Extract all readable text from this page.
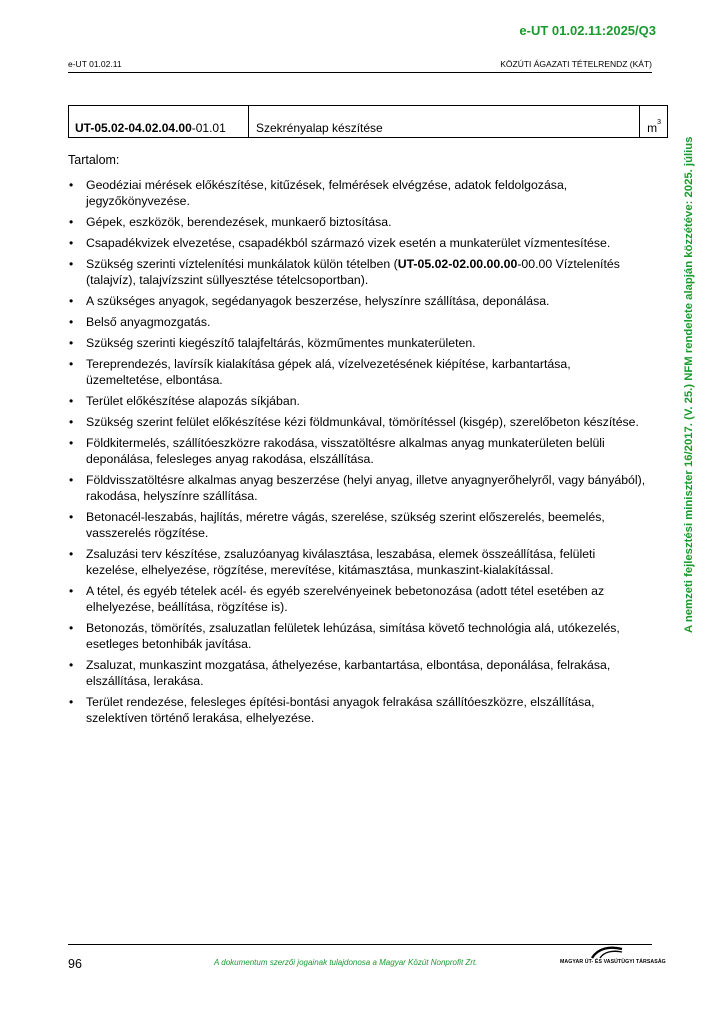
e-UT 01.02.11:2025/Q3
e-UT 01.02.11	KÖZÚTI ÁGAZATI TÉTELRENDZ (KÁT)
A nemzeti fejlesztési miniszter 16/2017. (V. 25.) NFM rendelete alapján közzétéve: 2025. július
UT-05.02-04.02.04.00-01.01	Szekrényalap készítése	$m^3$
Tartalom:
• Geodéziai mérések előkészítése, kitűzések, felmérések elvégzése, adatok feldolgozása, jegyzőkönyvezése.
• Gépek, eszközök, berendezések, munkaerő biztosítása.
• Csapadékvizek elvezetése, csapadékból származó vizek esetén a munkaterület vízmentesítése.
• Szükség szerinti víztelenítési munkálatok külön tételben (UT-05.02-02.00.00.00-00.00 Víztelenítés (talajvíz), talajvízszint süllyesztése tételcsoportban).
• A szükséges anyagok, segédanyagok beszerzése, helyszínre szállítása, deponálása.
• Belső anyagmozgatás.
• Szükség szerinti kiegészítő talajfeltárás, közműmentes munkaterületen.
• Tereprendezés, lavírsík kialakítása gépek alá, vízelvezetésének kiépítése, karbantartása, üzemeltetése, elbontása.
• Terület előkészítése alapozás síkjában.
• Szükség szerint felület előkészítése kézi földmunkával, tömörítéssel (kisgép), szerelőbeton készítése.
• Földkitermelés, szállítóeszközre rakodása, visszatöltésre alkalmas anyag munkaterületen belüli deponálása, felesleges anyag rakodása, elszállítása.
• Földvisszatöltésre alkalmas anyag beszerzése (helyi anyag, illetve anyagnyerőhelyről, vagy bányából), rakodása, helyszínre szállítása.
• Betonacél-leszabás, hajlítás, méretre vágás, szerelése, szükség szerint előszerelés, beemelés, vasszerelés rögzítése.
• Zsaluzási terv készítése, zsaluzóanyag kiválasztása, leszabása, elemek összeállítása, felületi kezelése, elhelyezése, rögzítése, merevítése, kitámasztása, munkaszint-kialakítással.
• A tétel, és egyéb tételek acél- és egyéb szerelvényeinek bebetonozása (adott tétel esetében az elhelyezése, beállítása, rögzítése is).
• Betonozás, tömörítés, zsaluzatlan felületek lehúzása, simítása követő technológia alá, utókezelés, esetleges betonhibák javítása.
• Zsaluzat, munkaszint mozgatása, áthelyezése, karbantartása, elbontása, deponálása, felrakása, elszállítása, lerakása.
• Terület rendezése, felesleges építési-bontási anyagok felrakása szállítóeszközre, elszállítása, szelektíven történő lerakása, elhelyezése.
96	A dokumentum szerzői jogainak tulajdonosa a Magyar Közút Nonprofit Zrt.	MAGYAR ÚT- ÉS VASÚTÜGYI TÁRSASÁG
